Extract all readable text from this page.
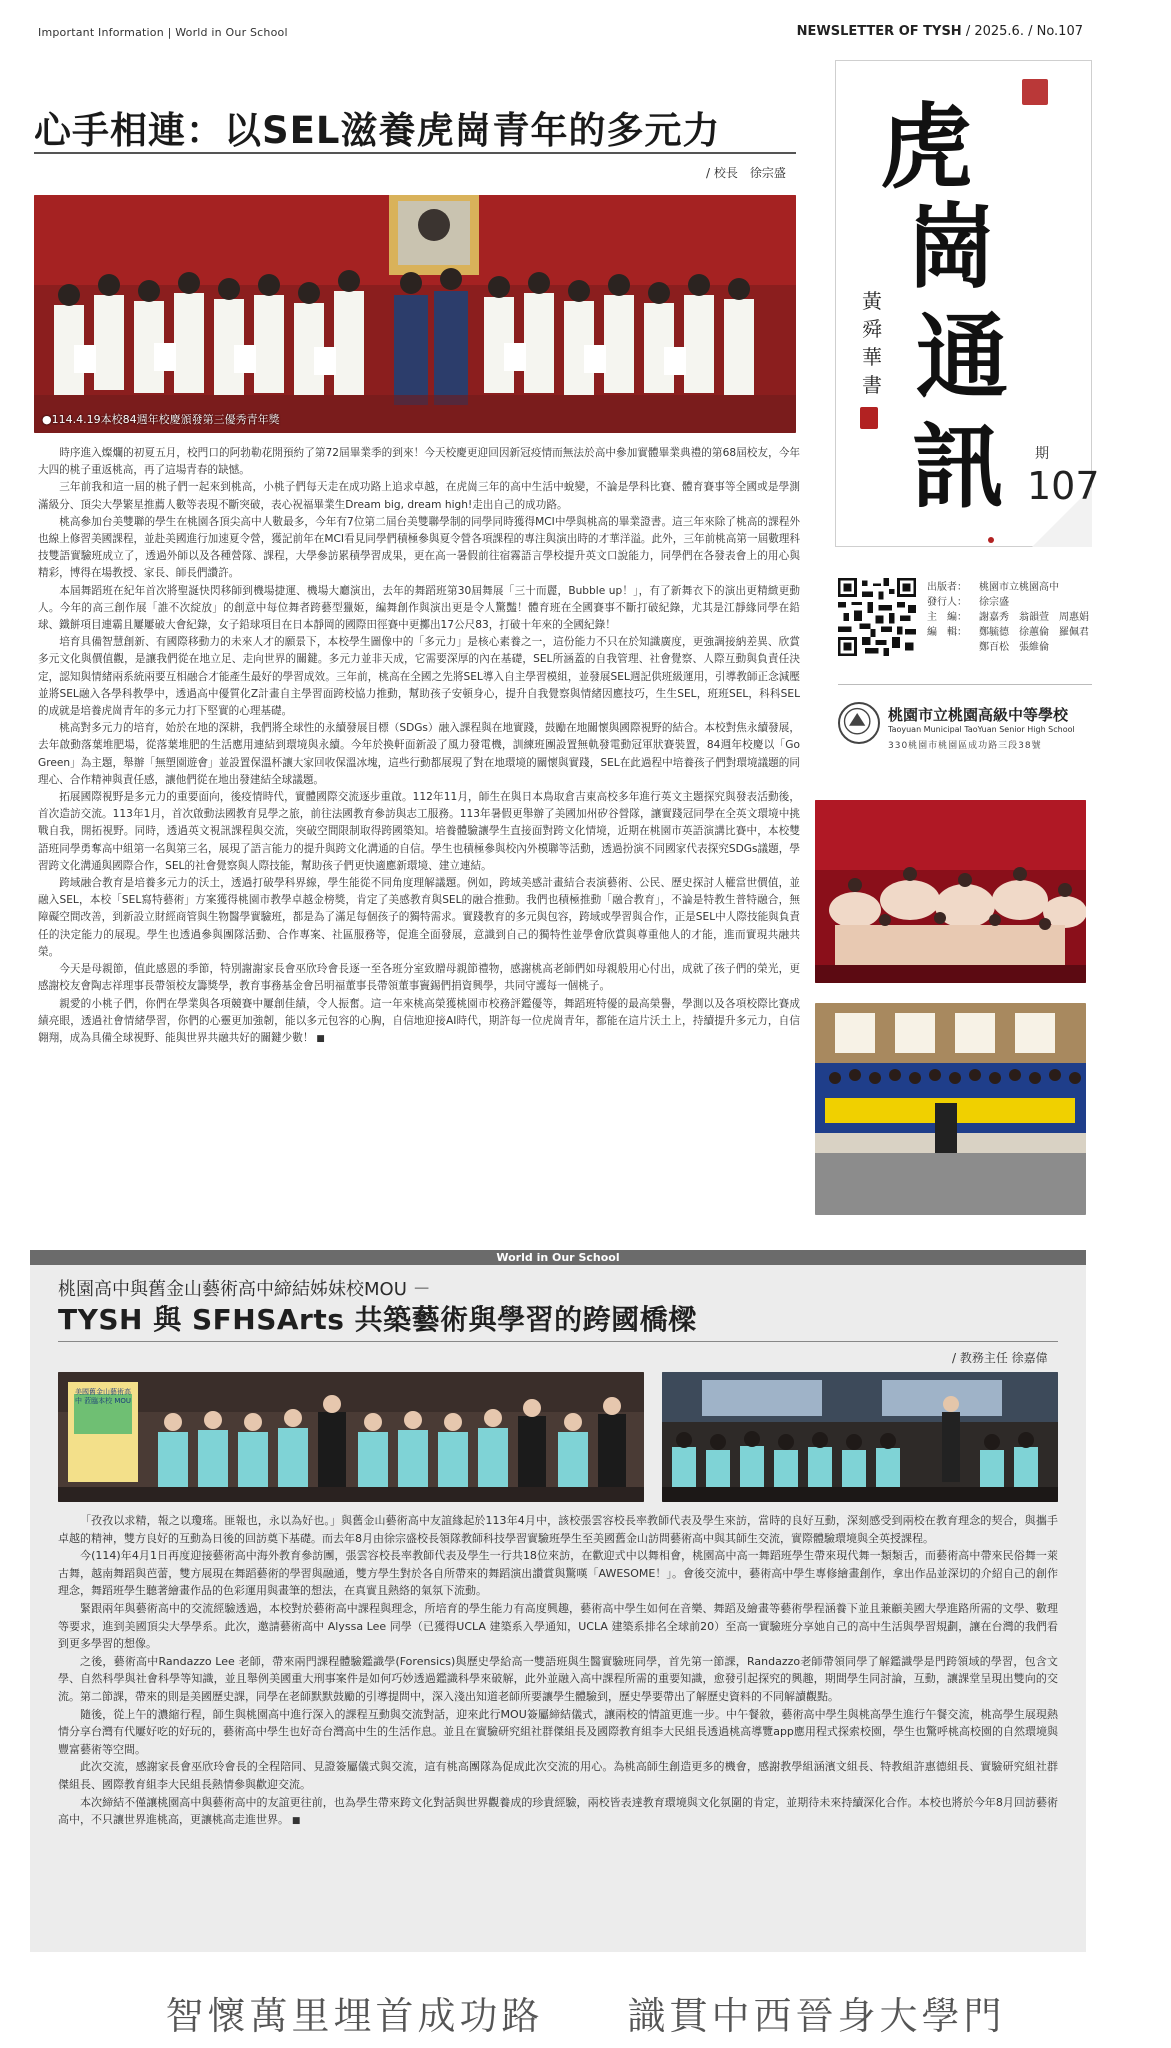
Important Information | World in Our School	NEWSLETTER OF TYSH / 2025.6. / No.107
心手相連：以SEL滋養虎崗青年的多元力
/ 校長　徐宗盛
●114.4.19本校84週年校慶頒發第三優秀青年獎

時序進入燦爛的初夏五月，校門口的阿勃勒花開預約了第72屆畢業季的到來！今天校慶更迎回因新冠疫情而無法於高中參加實體畢業典禮的第68屆校友，今年大四的桃子重返桃高，再了這場青春的缺憾。

三年前我和這一屆的桃子們一起來到桃高，小桃子們每天走在成功路上追求卓越，在虎崗三年的高中生活中蛻變，不論是學科比賽、體育賽事等全國或是學測滿級分、頂尖大學繁星推薦人數等表現不斷突破，表心祝福畢業生Dream big, dream high!走出自己的成功路。

桃高參加台美雙聯的學生在桃園各頂尖高中人數最多，今年有7位第二屆台美雙聯學制的同學同時獲得MCI中學與桃高的畢業證書。這三年來除了桃高的課程外也線上修習美國課程，並赴美國進行加速夏令營，獲記前年在MCI看見同學們積極參與夏令營各項課程的專注與演出時的才華洋溢。此外，三年前桃高第一屆數理科技雙語實驗班成立了，透過外師以及各種營隊、課程，大學參訪累積學習成果，更在高一暑假前往宿霧語言學校提升英文口說能力，同學們在各發表會上的用心與精彩，博得在場教授、家長、師長們讚許。

本屆舞蹈班在紀年首次將聖誕快閃移師到機場捷運、機場大廳演出，去年的舞蹈班第30屆舞展「三十而麗，Bubble up！」，有了新舞衣下的演出更精緻更動人。今年的高三創作展「誰不次綻放」的創意中每位舞者跨藝型獵姬，編舞創作與演出更是令人驚豔！體育班在全國賽事不斷打破紀錄，尤其是江靜緣同學在鉛球、鐵餅項目連霸且屢屢破大會紀錄，女子鉛球項目在日本靜岡的國際田徑賽中更擲出17公尺83，打破十年來的全國紀錄！

培育具備智慧創新、有國際移動力的未來人才的願景下，本校學生圖像中的「多元力」是核心素養之一，這份能力不只在於知識廣度，更強調接納差異、欣賞多元文化與價值觀，是讓我們從在地立足、走向世界的關鍵。多元力並非天成，它需要深厚的內在基礎，SEL所涵蓋的自我管理、社會覺察、人際互動與負責任決定，認知與情緒兩系統兩要互相融合才能產生最好的學習成效。三年前，桃高在全國之先將SEL導入自主學習模組，並發展SEL週記供班級運用，引導教師正念減壓並將SEL融入各學科教學中，透過高中優質化Z計畫自主學習面跨校協力推動，幫助孩子安頓身心，提升自我覺察與情緒因應技巧，生生SEL，班班SEL，科科SEL的成就是培養虎崗青年的多元力打下堅實的心理基礎。

桃高對多元力的培育，始於在地的深耕，我們將全球性的永續發展目標（SDGs）融入課程與在地實踐，鼓勵在地關懷與國際視野的結合。本校對焦永續發展，去年啟動落葉堆肥場，從落葉堆肥的生活應用連結到環境與永續。今年於換軒面新設了風力發電機，訓練班團設置無軌發電動冠軍狀賽裝置，84週年校慶以「Go Green」為主題，舉辦「無塑園遊會」並設置保溫杯讓大家回收保溫冰塊，這些行動都展現了對在地環境的關懷與實踐，SEL在此過程中培養孩子們對環境議題的同理心、合作精神與責任感，讓他們從在地出發建結全球議題。

拓展國際視野是多元力的重要面向，後疫情時代，實體國際交流逐步重啟。112年11月，師生在與日本鳥取倉吉東高校多年進行英文主題探究與發表活動後，首次造訪交流。113年1月，首次啟動法國教育見學之旅，前往法國教育參訪與志工服務。113年暑假更舉辦了美國加州矽谷營隊，讓實踐冠同學在全英文環境中挑戰自我，開拓視野。同時，透過英文視訊課程與交流，突破空間限制取得跨國築知。培養體驗讓學生直接面對跨文化情境，近期在桃園市英語演講比賽中，本校雙語班同學勇奪高中組第一名與第三名，展現了語言能力的提升與跨文化溝通的自信。學生也積極參與校內外模聯等活動，透過扮演不同國家代表探究SDGs議題，學習跨文化溝通與國際合作，SEL的社會覺察與人際技能，幫助孩子們更快適應新環境、建立連結。

跨域融合教育是培養多元力的沃土，透過打破學科界線，學生能從不同角度理解議題。例如，跨域美感計畫結合表演藝術、公民、歷史探討人權當世價值，並融入SEL，本校「SEL寫特藝術」方案獲得桃園市教學卓越金榜獎，肯定了美感教育與SEL的融合推動。我們也積極推動「融合教育」，不論是特教生普特融合，無障礙空間改善，到新設立財經商管與生物醫學實驗班，都是為了滿足每個孩子的獨特需求。實踐教育的多元與包容，跨域或學習與合作，正是SEL中人際技能與負責任的決定能力的展現。學生也透過參與團隊活動、合作專案、社區服務等，促進全面發展，意識到自己的獨特性並學會欣賞與尊重他人的才能，進而實現共融共榮。

今天是母親節，值此感恩的季節，特別謝謝家長會巫欣玲會長逐一至各班分室致贈母親節禮物，感謝桃高老師們如母親般用心付出，成就了孩子們的榮光，更感謝校友會陶志祥理事長帶領校友籌獎學，教育事務基金會呂明福董事長帶領董事竇錫們捐資興學，共同守護每一個桃子。

親愛的小桃子們，你們在學業與各項競賽中屢創佳績，令人振奮。這一年來桃高榮獲桃園市校務評鑑優等，舞蹈班特優的最高榮譽，學測以及各項校際比賽成績亮眼，透過社會情緒學習，你們的心靈更加強韌，能以多元包容的心胸，自信地迎接AI時代，期許每一位虎崗青年，都能在這片沃土上，持續提升多元力，自信翱翔，成為具備全球視野、能與世界共融共好的關鍵少數！ ■

虎
崗
通
訊
黃舜華書
期
107
出版者：	桃園市立桃園高中
發行人：	徐宗盛
主　編：	謝嘉秀　翁韻萱　周惠娟
編　輯：	鄭毓德　徐蕙倫　羅佩君
鄭百松　張維倫
桃園市立桃園高級中等學校
Taoyuan Municipal TaoYuan Senior High School
330桃園市桃園區成功路三段38號
World in Our School
桃園高中與舊金山藝術高中締結姊妹校MOU －
TYSH 與 SFHSArts 共築藝術與學習的跨國橋樑
/ 教務主任 徐嘉偉
美國舊金山藝術高中 蒞臨本校 MOU

「孜孜以求精，報之以瓊瑤。匪報也，永以為好也。」與舊金山藝術高中友誼緣起於113年4月中，該校張雲容校長率教師代表及學生來訪，當時的良好互動，深刻感受到兩校在教育理念的契合，與攜手卓越的精神，雙方良好的互動為日後的回訪奠下基礎。而去年8月由徐宗盛校長領隊教師科技學習實驗班學生至美國舊金山訪問藝術高中與其師生交流，實際體驗環境與全英授課程。

今(114)年4月1日再度迎接藝術高中海外教育參訪團，張雲容校長率教師代表及學生一行共18位來訪，在歡迎式中以舞相會，桃園高中高一舞蹈班學生帶來現代舞一類類舌，而藝術高中帶來民俗舞一萊古舞，越南舞蹈與芭蕾，雙方展現在舞蹈藝術的學習與融通，雙方學生對於各自所帶來的舞蹈演出讚賞與驚嘆「AWESOME！」。會後交流中，藝術高中學生專修繪畫創作，拿出作品並深切的介紹自己的創作理念，舞蹈班學生聽著繪畫作品的色彩運用與畫筆的想法，在真實且熱絡的氣氛下流動。

緊跟兩年與藝術高中的交流經驗透過，本校對於藝術高中課程與理念，所培育的學生能力有高度興趣，藝術高中學生如何在音樂、舞蹈及繪畫等藝術學程涵養下並且兼顧美國大學進路所需的文學、數理等要求，進到美國頂尖大學學系。此次，邀請藝術高中 Alyssa Lee 同學（已獲得UCLA 建築系入學通知，UCLA 建築系排名全球前20）至高一實驗班分享她自己的高中生活與學習規劃，讓在台灣的我們看到更多學習的想像。

之後，藝術高中Randazzo Lee 老師，帶來兩門課程體驗鑑識學(Forensics)與歷史學給高一雙語班與生醫實驗班同學，首先第一節課，Randazzo老師帶領同學了解鑑識學是門跨領域的學習，包含文學、自然科學與社會科學等知識，並且舉例美國重大刑事案件是如何巧妙透過鑑識科學來破解，此外並融入高中課程所需的重要知識，愈發引起探究的興趣，期間學生同討論，互動，讓課堂呈現出雙向的交流。第二節課，帶來的則是美國歷史課，同學在老師默默鼓勵的引導提問中，深入淺出知道老師所要讓學生體驗到，歷史學要帶出了解歷史資料的不同解讀觀點。

隨後，從上午的濃縮行程，師生與桃園高中進行深入的課程互動與交流對話，迎來此行MOU簽屬締結儀式，讓兩校的情誼更進一步。中午餐敘，藝術高中學生與桃高學生進行午餐交流，桃高學生展現熱情分享台灣有代屢好吃的好玩的，藝術高中學生也好奇台灣高中生的生活作息。並且在實驗研究組社群傑組長及國際教育組李大民組長透過桃高導覽app應用程式探索校園，學生也驚呼桃高校園的自然環境與豐富藝術等空間。

此次交流，感謝家長會巫欣玲會長的全程陪同、見證簽屬儀式與交流，這有桃高團隊為促成此次交流的用心。為桃高師生創造更多的機會，感謝教學組涵濱文組長、特教組許惠德組長、實驗研究組社群傑組長、國際教育組李大民組長熱情參與歡迎交流。

本次締結不僅讓桃園高中與藝術高中的友誼更往前，也為學生帶來跨文化對話與世界觀養成的珍貴經驗，兩校皆表達教育環境與文化氛圍的肯定，並期待未來持續深化合作。本校也將於今年8月回訪藝術高中，不只讓世界進桃高，更讓桃高走進世界。 ■

智懷萬里埋首成功路　　識貫中西晉身大學門
